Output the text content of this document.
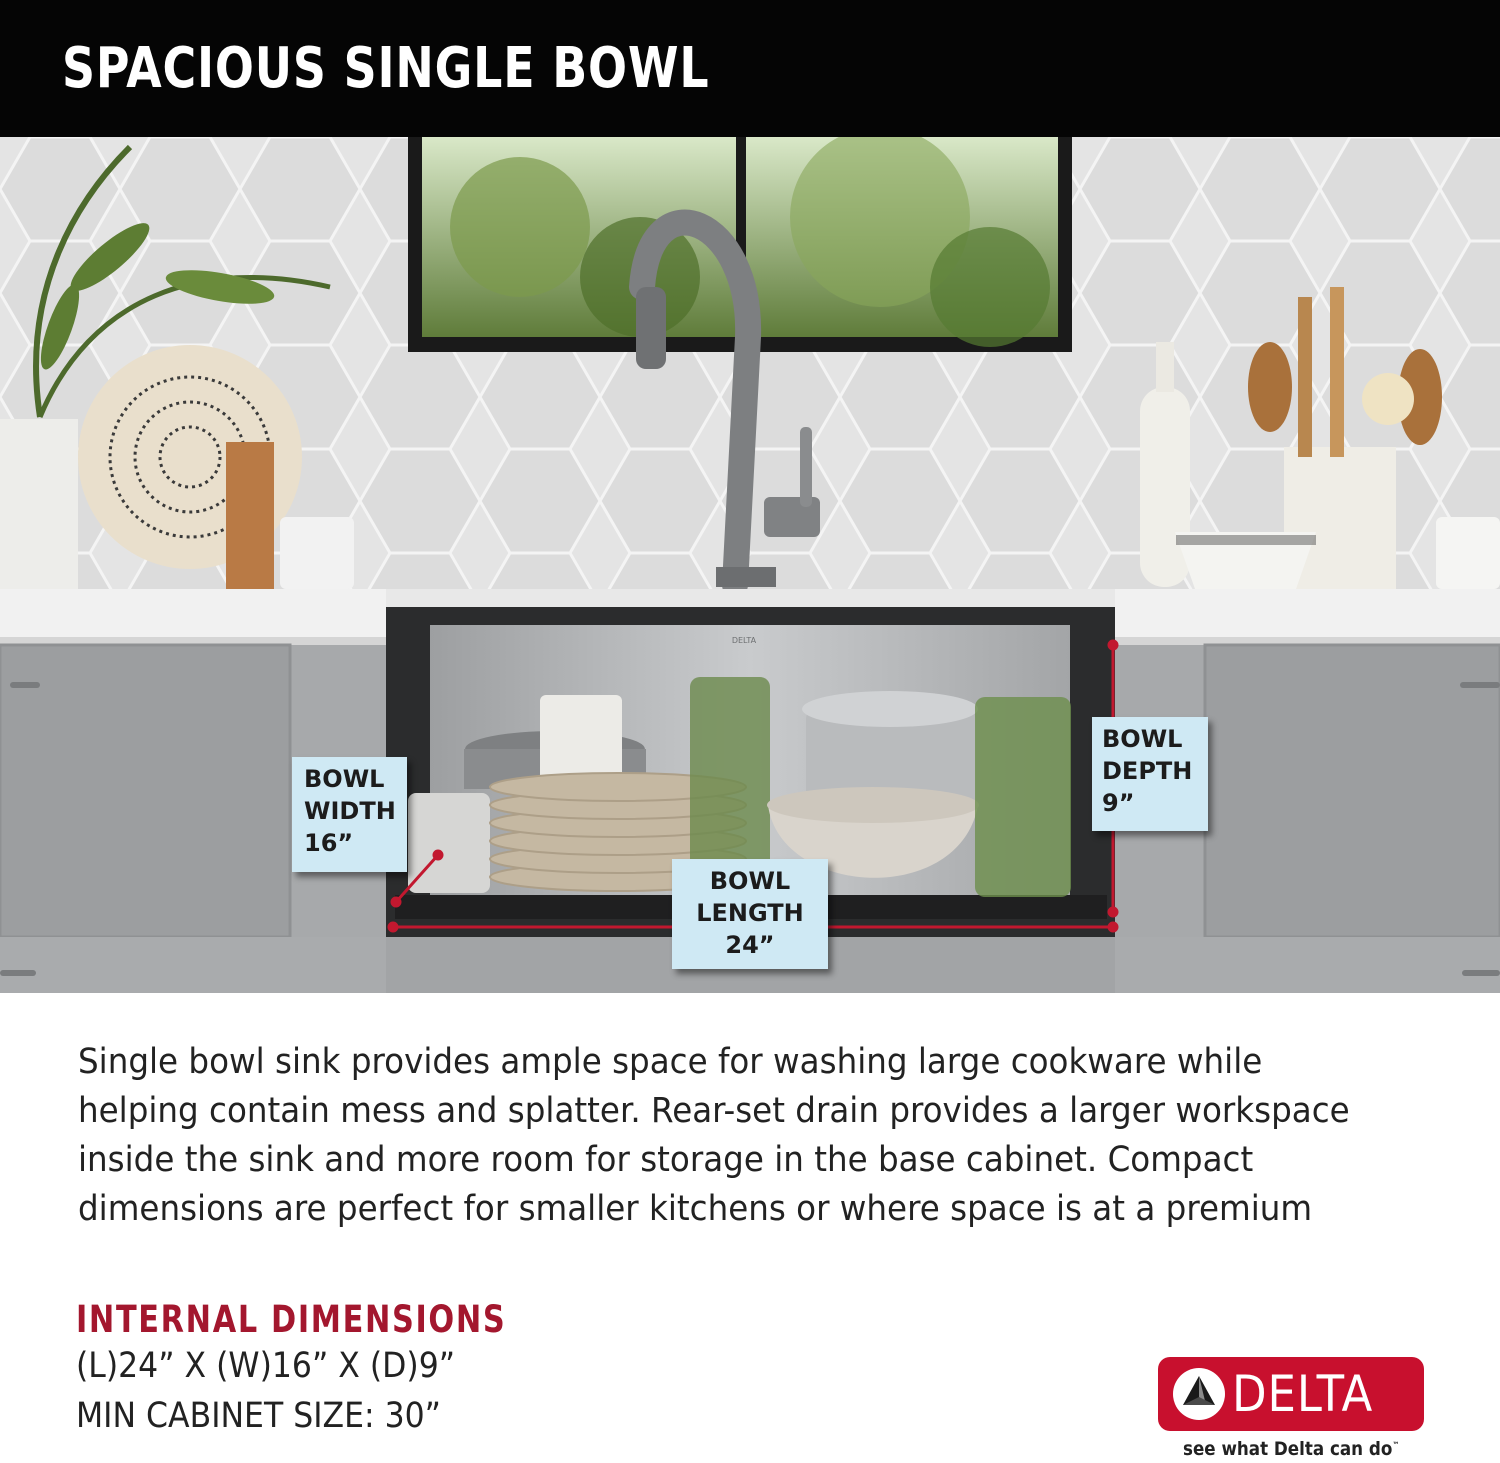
SPACIOUS SINGLE BOWL
DELTA
BOWL
WIDTH
16”
BOWL
DEPTH
9”
BOWL
LENGTH
24”

Single bowl sink provides ample space for washing large cookware while
helping contain mess and splatter. Rear-set drain provides a larger workspace
inside the sink and more room for storage in the base cabinet. Compact
dimensions are perfect for smaller kitchens or where space is at a premium

INTERNAL DIMENSIONS

(L)24” X (W)16” X (D)9”

MIN CABINET SIZE: 30”	DELTA

see what Delta can do™
